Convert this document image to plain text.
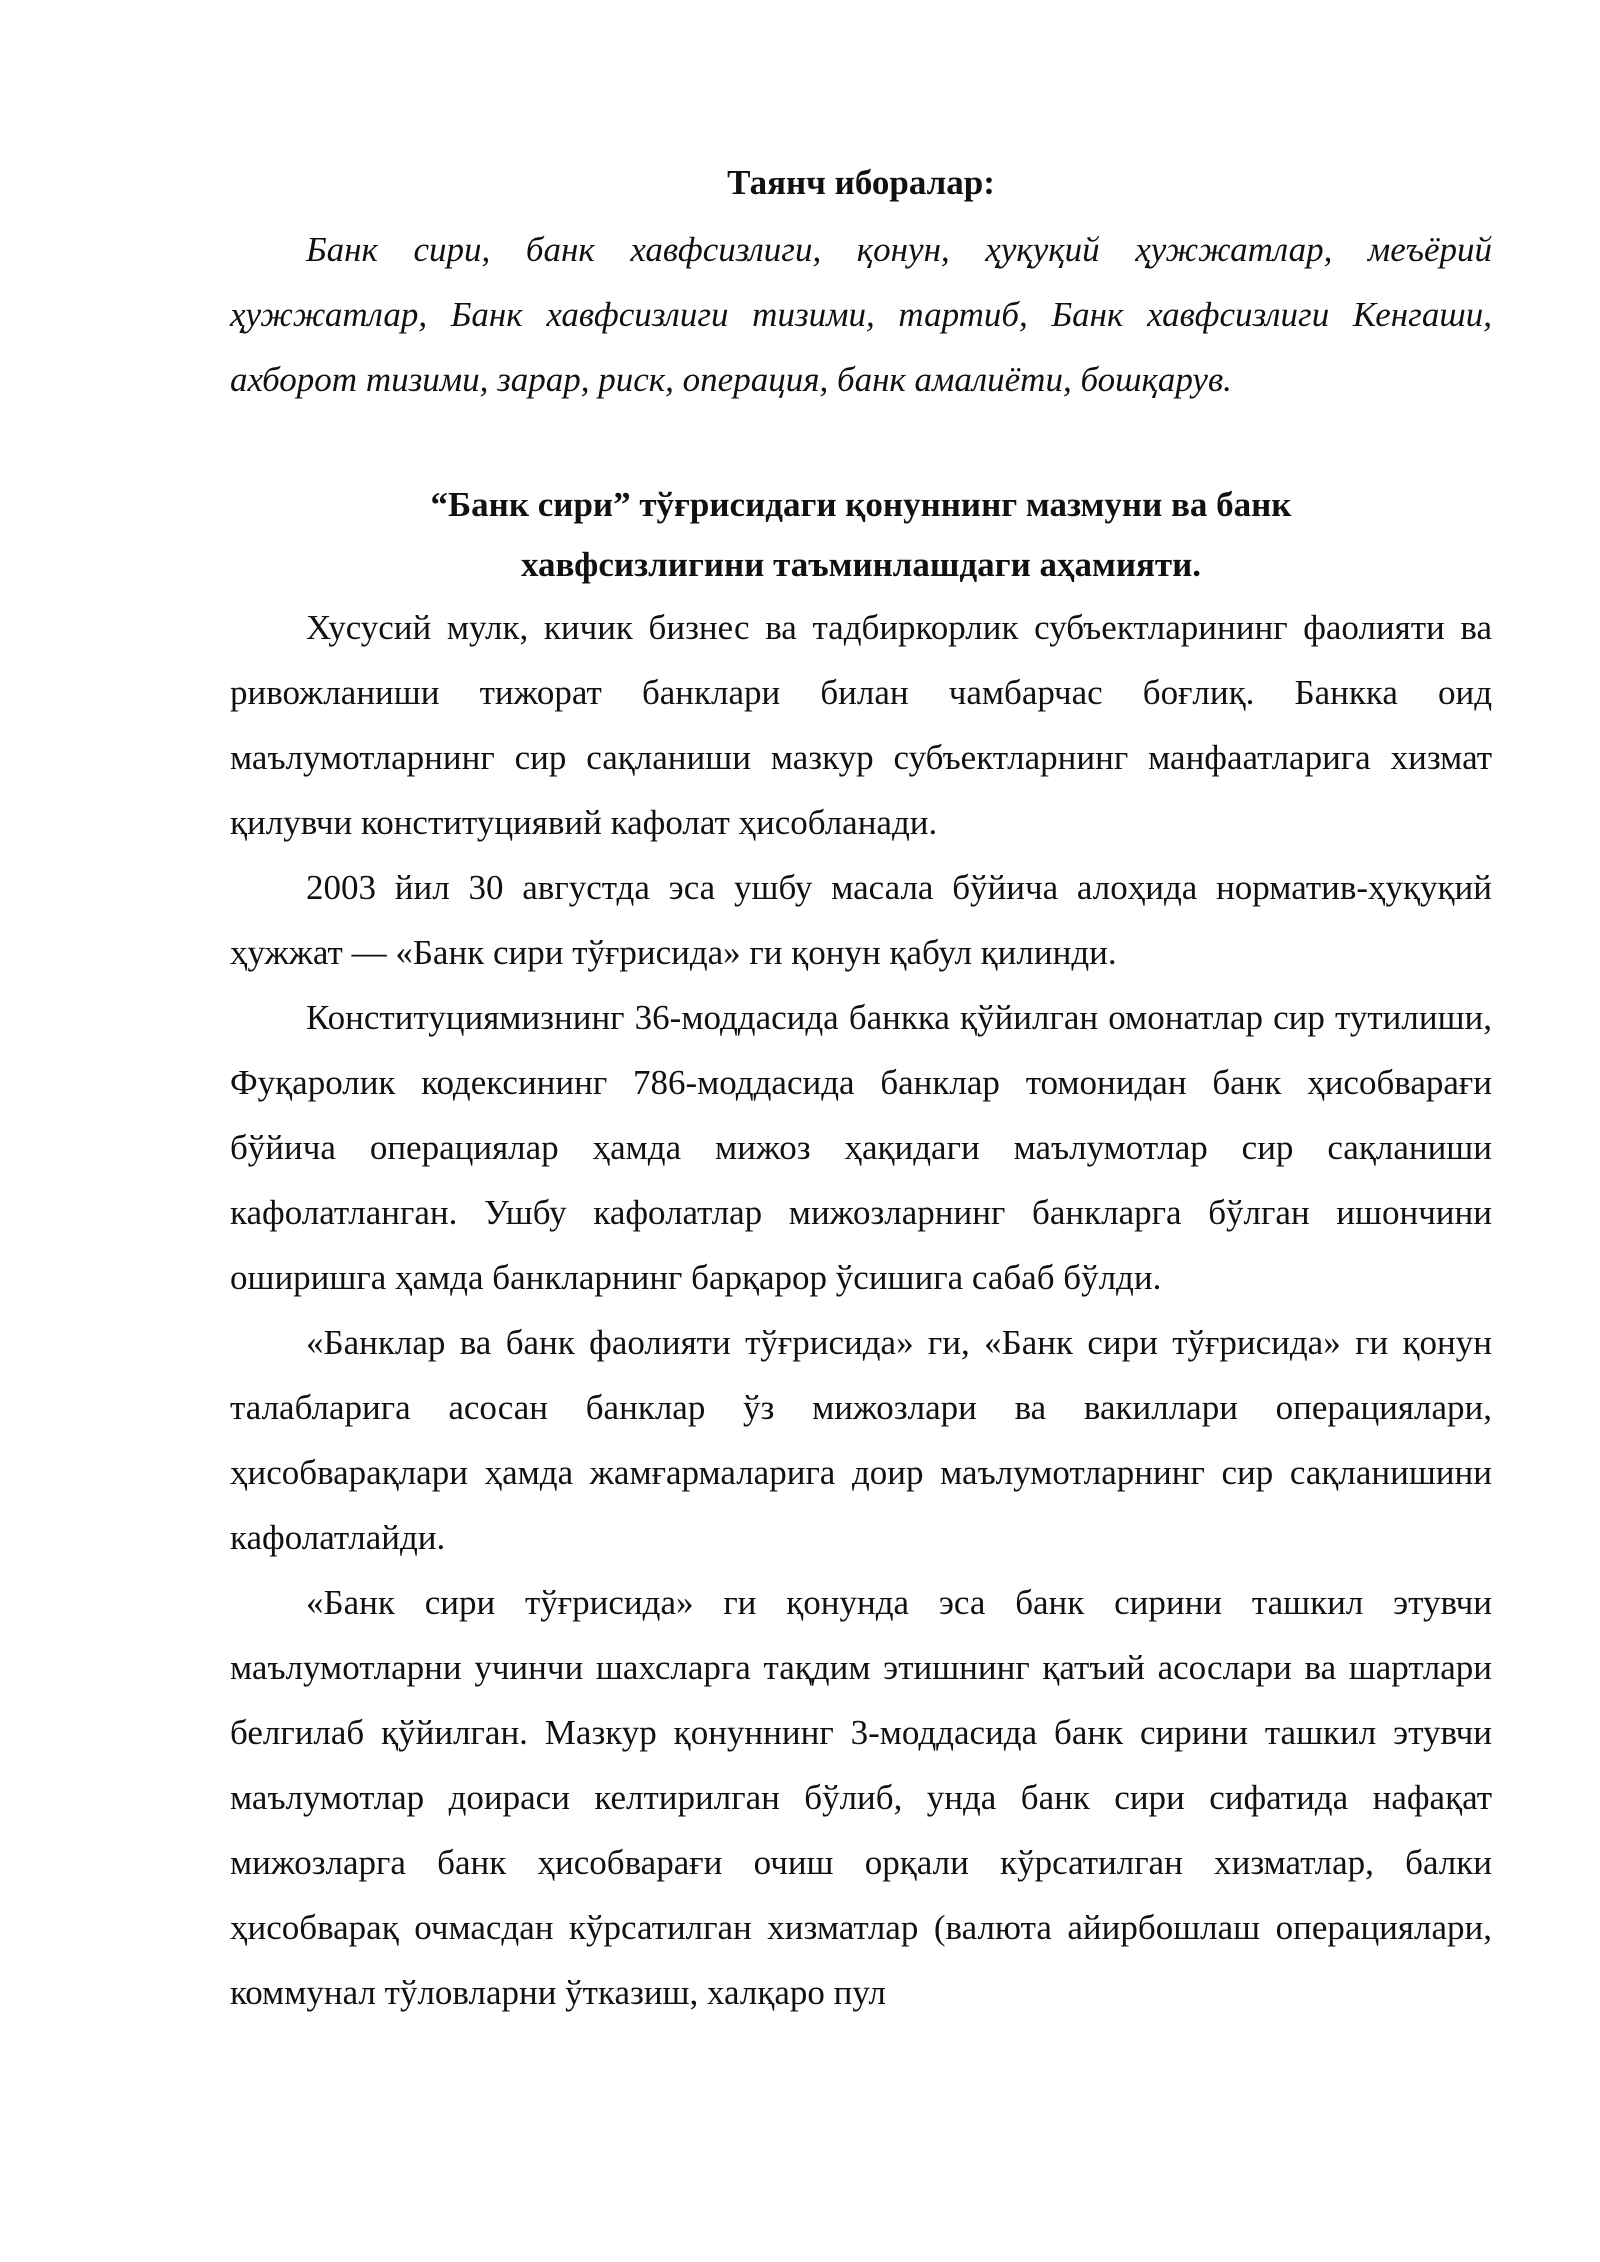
Таянч иборалар:

Банк сири, банк хавфсизлиги, қонун, ҳуқуқий ҳужжатлар, меъёрий ҳужжатлар, Банк хавфсизлиги тизими, тартиб, Банк хавфсизлиги Кенгаши, ахборот тизими, зарар, риск, операция, банк амалиёти, бошқарув.

“Банк сири” тўғрисидаги қонуннинг мазмуни ва банк
хавфсизлигини таъминлашдаги аҳамияти.

Хусусий мулк, кичик бизнес ва тадбиркорлик субъектларининг фаолияти ва ривожланиши тижорат банклари билан чамбарчас боғлиқ. Банкка оид маълумотларнинг сир сақланиши мазкур субъектларнинг манфаатларига хизмат қилувчи конституциявий кафолат ҳисобланади.

2003 йил 30 августда эса ушбу масала бўйича алоҳида норматив-ҳуқуқий ҳужжат — «Банк сири тўғрисида» ги қонун қабул қилинди.

Конституциямизнинг 36-моддасида банкка қўйилган омонатлар сир тутилиши, Фуқаролик кодексининг 786-моддасида банклар томонидан банк ҳисобварағи бўйича операциялар ҳамда мижоз ҳақидаги маълумотлар сир сақланиши кафолатланган. Ушбу кафолатлар мижозларнинг банкларга бўлган ишончини оширишга ҳамда банкларнинг барқарор ўсишига сабаб бўлди.

«Банклар ва банк фаолияти тўғрисида» ги, «Банк сири тўғрисида» ги қонун талабларига асосан банклар ўз мижозлари ва вакиллари операциялари, ҳисобварақлари ҳамда жамғармаларига доир маълумотларнинг сир сақланишини кафолатлайди.

«Банк сири тўғрисида» ги қонунда эса банк сирини ташкил этувчи маълумотларни учинчи шахсларга тақдим этишнинг қатъий асослари ва шартлари белгилаб қўйилган. Мазкур қонуннинг 3-моддасида банк сирини ташкил этувчи маълумотлар доираси келтирилган бўлиб, унда банк сири сифатида нафақат мижозларга банк ҳисобварағи очиш орқали кўрсатилган хизматлар, балки ҳисобварақ очмасдан кўрсатилган хизматлар (валюта айирбошлаш операциялари, коммунал тўловларни ўтказиш, халқаро пул
